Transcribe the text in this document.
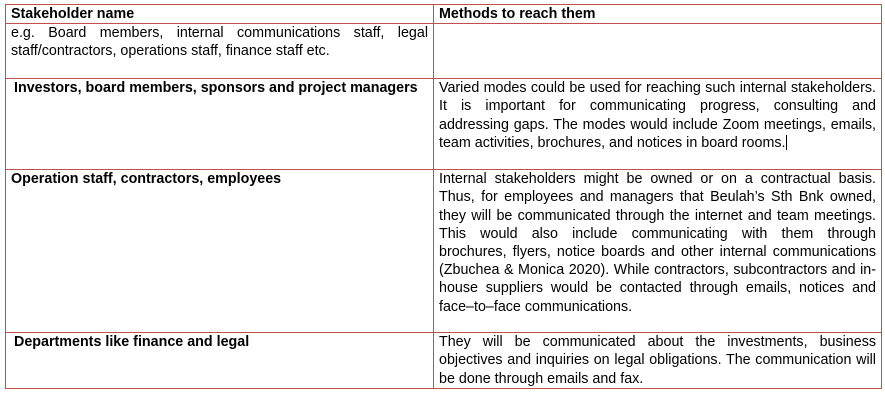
Stakeholder name	Methods to reach them
e.g. Board members, internal communications staff, legal staff/contractors, operations staff, finance staff etc.	
Investors, board members, sponsors and project managers	Varied modes could be used for reaching such internal stakeholders. It is important for communicating progress, consulting and addressing gaps. The modes would include Zoom meetings, emails, team activities, brochures, and notices in board rooms.
Operation staff, contractors, employees	Internal stakeholders might be owned or on a contractual basis. Thus, for employees and managers that Beulah’s Sth Bnk owned, they will be communicated through the internet and team meetings. This would also include communicating with them through brochures, flyers, notice boards and other internal communications (Zbuchea & Monica 2020). While contractors, subcontractors and in-house suppliers would be contacted through emails, notices and face–to–face communications.
Departments like finance and legal	They will be communicated about the investments, business objectives and inquiries on legal obligations. The communication will be done through emails and fax.
